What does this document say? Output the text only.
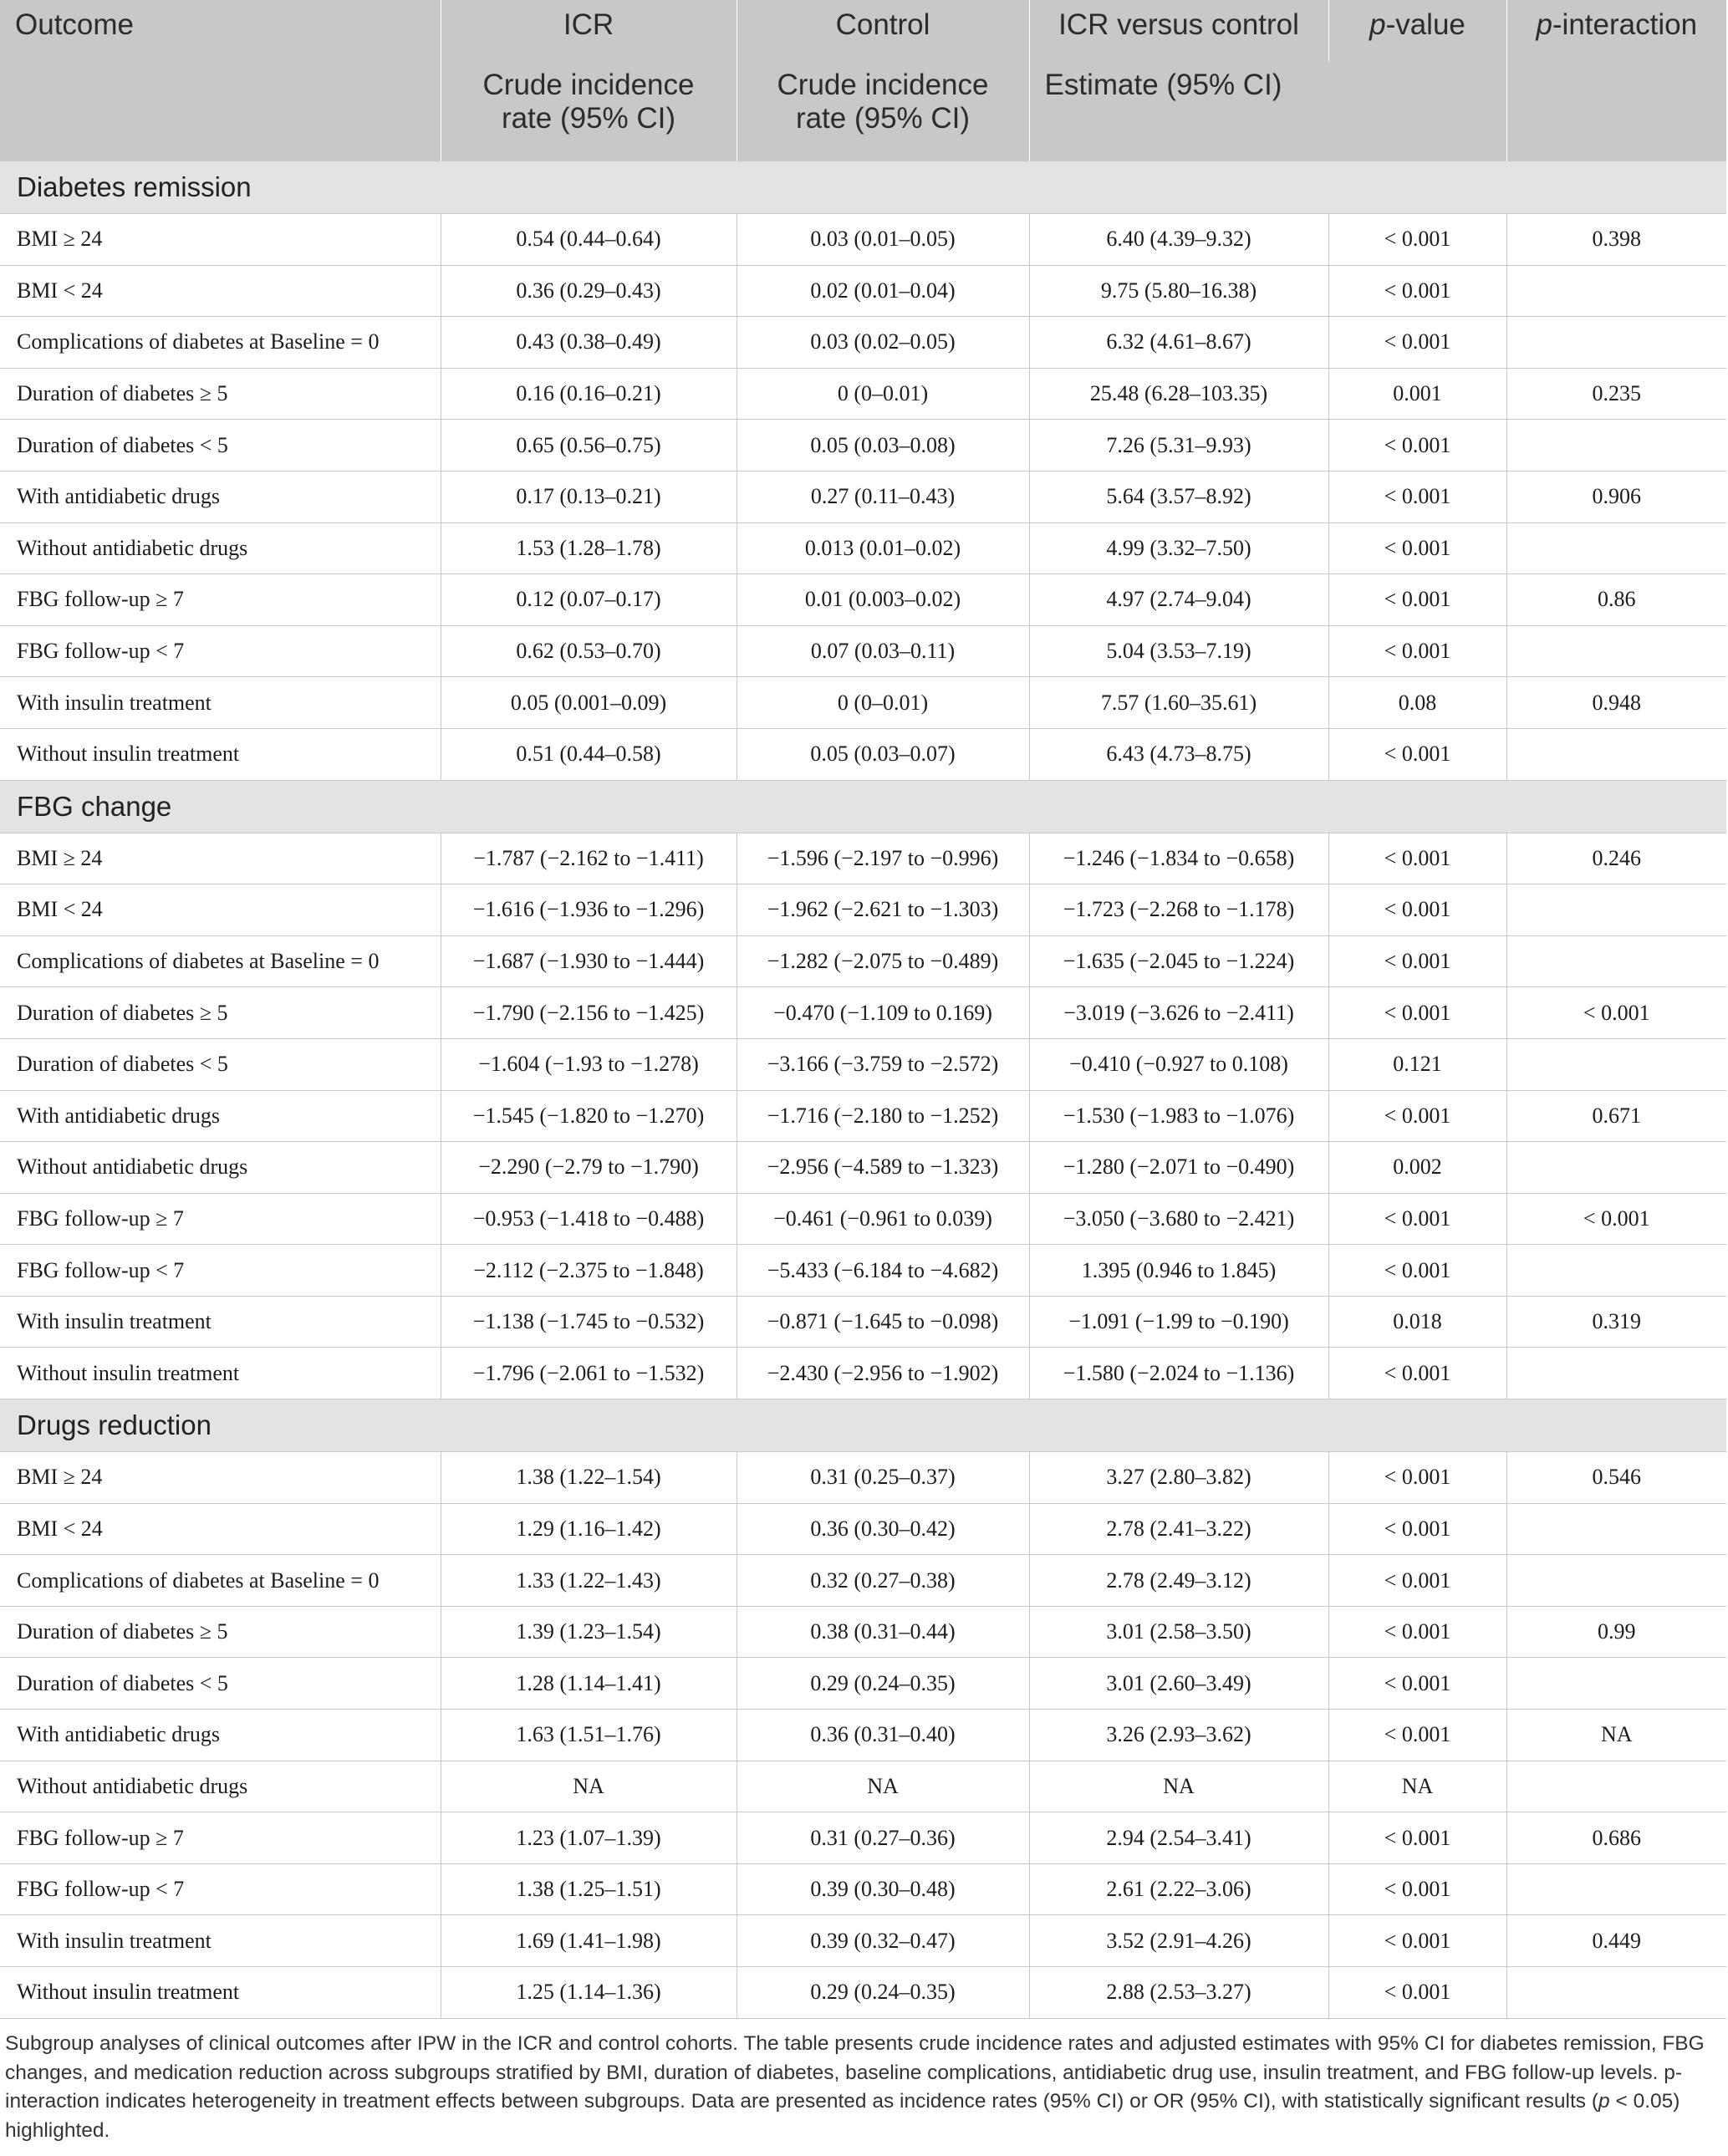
Outcome	ICR	Control	ICR versus control	p-value	p-interaction
	Crude incidence rate (95% CI)	Crude incidence rate (95% CI)	Estimate (95% CI)		
Diabetes remission					
BMI ≥ 24	0.54 (0.44–0.64)	0.03 (0.01–0.05)	6.40 (4.39–9.32)	< 0.001	0.398
BMI < 24	0.36 (0.29–0.43)	0.02 (0.01–0.04)	9.75 (5.80–16.38)	< 0.001	
Complications of diabetes at Baseline = 0	0.43 (0.38–0.49)	0.03 (0.02–0.05)	6.32 (4.61–8.67)	< 0.001	
Duration of diabetes ≥ 5	0.16 (0.16–0.21)	0 (0–0.01)	25.48 (6.28–103.35)	0.001	0.235
Duration of diabetes < 5	0.65 (0.56–0.75)	0.05 (0.03–0.08)	7.26 (5.31–9.93)	< 0.001	
With antidiabetic drugs	0.17 (0.13–0.21)	0.27 (0.11–0.43)	5.64 (3.57–8.92)	< 0.001	0.906
Without antidiabetic drugs	1.53 (1.28–1.78)	0.013 (0.01–0.02)	4.99 (3.32–7.50)	< 0.001	
FBG follow-up ≥ 7	0.12 (0.07–0.17)	0.01 (0.003–0.02)	4.97 (2.74–9.04)	< 0.001	0.86
FBG follow-up < 7	0.62 (0.53–0.70)	0.07 (0.03–0.11)	5.04 (3.53–7.19)	< 0.001	
With insulin treatment	0.05 (0.001–0.09)	0 (0–0.01)	7.57 (1.60–35.61)	0.08	0.948
Without insulin treatment	0.51 (0.44–0.58)	0.05 (0.03–0.07)	6.43 (4.73–8.75)	< 0.001	
FBG change					
BMI ≥ 24	−1.787 (−2.162 to −1.411)	−1.596 (−2.197 to −0.996)	−1.246 (−1.834 to −0.658)	< 0.001	0.246
BMI < 24	−1.616 (−1.936 to −1.296)	−1.962 (−2.621 to −1.303)	−1.723 (−2.268 to −1.178)	< 0.001	
Complications of diabetes at Baseline = 0	−1.687 (−1.930 to −1.444)	−1.282 (−2.075 to −0.489)	−1.635 (−2.045 to −1.224)	< 0.001	
Duration of diabetes ≥ 5	−1.790 (−2.156 to −1.425)	−0.470 (−1.109 to 0.169)	−3.019 (−3.626 to −2.411)	< 0.001	< 0.001
Duration of diabetes < 5	−1.604 (−1.93 to −1.278)	−3.166 (−3.759 to −2.572)	−0.410 (−0.927 to 0.108)	0.121	
With antidiabetic drugs	−1.545 (−1.820 to −1.270)	−1.716 (−2.180 to −1.252)	−1.530 (−1.983 to −1.076)	< 0.001	0.671
Without antidiabetic drugs	−2.290 (−2.79 to −1.790)	−2.956 (−4.589 to −1.323)	−1.280 (−2.071 to −0.490)	0.002	
FBG follow-up ≥ 7	−0.953 (−1.418 to −0.488)	−0.461 (−0.961 to 0.039)	−3.050 (−3.680 to −2.421)	< 0.001	< 0.001
FBG follow-up < 7	−2.112 (−2.375 to −1.848)	−5.433 (−6.184 to −4.682)	1.395 (0.946 to 1.845)	< 0.001	
With insulin treatment	−1.138 (−1.745 to −0.532)	−0.871 (−1.645 to −0.098)	−1.091 (−1.99 to −0.190)	0.018	0.319
Without insulin treatment	−1.796 (−2.061 to −1.532)	−2.430 (−2.956 to −1.902)	−1.580 (−2.024 to −1.136)	< 0.001	
Drugs reduction					
BMI ≥ 24	1.38 (1.22–1.54)	0.31 (0.25–0.37)	3.27 (2.80–3.82)	< 0.001	0.546
BMI < 24	1.29 (1.16–1.42)	0.36 (0.30–0.42)	2.78 (2.41–3.22)	< 0.001	
Complications of diabetes at Baseline = 0	1.33 (1.22–1.43)	0.32 (0.27–0.38)	2.78 (2.49–3.12)	< 0.001	
Duration of diabetes ≥ 5	1.39 (1.23–1.54)	0.38 (0.31–0.44)	3.01 (2.58–3.50)	< 0.001	0.99
Duration of diabetes < 5	1.28 (1.14–1.41)	0.29 (0.24–0.35)	3.01 (2.60–3.49)	< 0.001	
With antidiabetic drugs	1.63 (1.51–1.76)	0.36 (0.31–0.40)	3.26 (2.93–3.62)	< 0.001	NA
Without antidiabetic drugs	NA	NA	NA	NA	
FBG follow-up ≥ 7	1.23 (1.07–1.39)	0.31 (0.27–0.36)	2.94 (2.54–3.41)	< 0.001	0.686
FBG follow-up < 7	1.38 (1.25–1.51)	0.39 (0.30–0.48)	2.61 (2.22–3.06)	< 0.001	
With insulin treatment	1.69 (1.41–1.98)	0.39 (0.32–0.47)	3.52 (2.91–4.26)	< 0.001	0.449
Without insulin treatment	1.25 (1.14–1.36)	0.29 (0.24–0.35)	2.88 (2.53–3.27)	< 0.001	
Subgroup analyses of clinical outcomes after IPW in the ICR and control cohorts. The table presents crude incidence rates and adjusted estimates with 95% CI for diabetes remission, FBG changes, and medication reduction across subgroups stratified by BMI, duration of diabetes, baseline complications, antidiabetic drug use, insulin treatment, and FBG follow-up levels. p-interaction indicates heterogeneity in treatment effects between subgroups. Data are presented as incidence rates (95% CI) or OR (95% CI), with statistically significant results (p < 0.05) highlighted.
